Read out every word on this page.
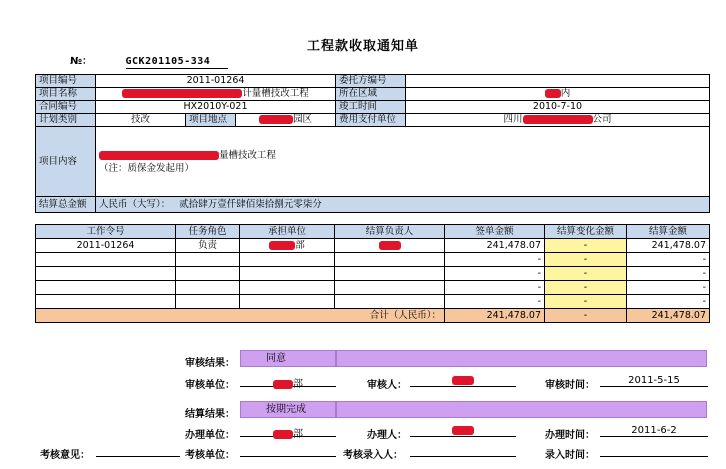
工程款收取通知单
№：	GCK201105-334
项目编号	2011-01264			委托方编号	
项目名称	计量槽技改工程			所在区域	内
合同编号	HX2010Y-021			竣工时间	2010-7-10
计划类别	技改	项目地点	园区	费用支付单位	四川 公司
项目内容	量槽技改工程
（注：质保金发起用）				

结算总金额	人民币（大写）： 贰拾肆万壹仟肆佰柒拾捌元零柒分				
工作令号	任务角色	承担单位	结算负责人	签单金额	结算变化金额	结算金额
2011-01264	负责	部		241,478.07	-	241,478.07
				-	-	-
				-	-	-
				-	-	-
				-	-	-
合计（人民币）：				241,478.07	-	241,478.07
审核结果：	同意
审核单位：	部	审核人：	审核时间：	2011-5-15
结算结果：	按期完成
办理单位：	部	办理人：	办理时间：	2011-6-2
考核意见：	考核单位：	考核录入人：	录入时间：
